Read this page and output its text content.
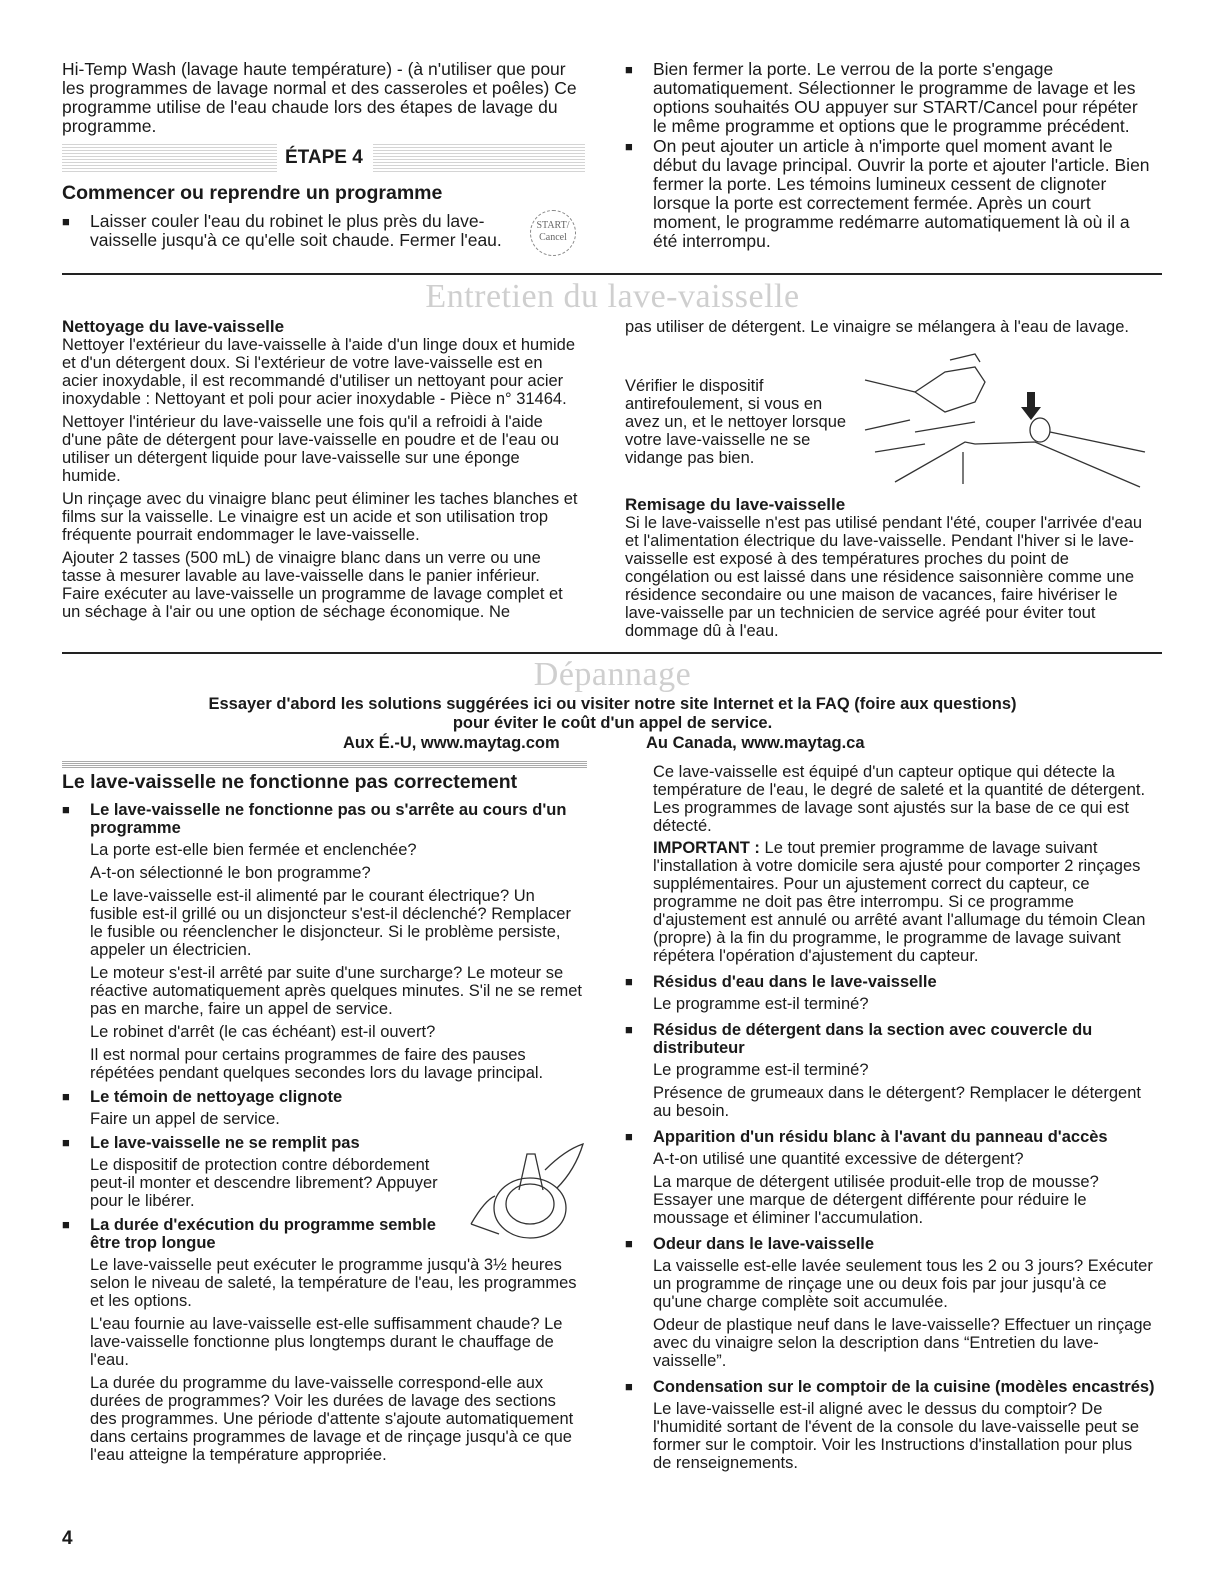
Hi-Temp Wash (lavage haute température) - (à n'utiliser que pour les programmes de lavage normal et des casseroles et poêles) Ce programme utilise de l'eau chaude lors des étapes de lavage du programme.

ÉTAPE 4
Commencer ou reprendre un programme

■ Laisser couler l'eau du robinet le plus près du lave-vaisselle jusqu'à ce qu'elle soit chaude. Fermer l'eau.

START/
Cancel

■ Bien fermer la porte. Le verrou de la porte s'engage automatiquement. Sélectionner le programme de lavage et les options souhaités OU appuyer sur START/Cancel pour répéter le même programme et options que le programme précédent.

■ On peut ajouter un article à n'importe quel moment avant le début du lavage principal. Ouvrir la porte et ajouter l'article. Bien fermer la porte. Les témoins lumineux cessent de clignoter lorsque la porte est correctement fermée. Après un court moment, le programme redémarre automatiquement là où il a été interrompu.

Entretien du lave-vaisselle

Nettoyage du lave-vaisselle

Nettoyer l'extérieur du lave-vaisselle à l'aide d'un linge doux et humide et d'un détergent doux. Si l'extérieur de votre lave-vaisselle est en acier inoxydable, il est recommandé d'utiliser un nettoyant pour acier inoxydable : Nettoyant et poli pour acier inoxydable - Pièce n° 31464.

Nettoyer l'intérieur du lave-vaisselle une fois qu'il a refroidi à l'aide d'une pâte de détergent pour lave-vaisselle en poudre et de l'eau ou utiliser un détergent liquide pour lave-vaisselle sur une éponge humide.

Un rinçage avec du vinaigre blanc peut éliminer les taches blanches et films sur la vaisselle. Le vinaigre est un acide et son utilisation trop fréquente pourrait endommager le lave-vaisselle.

Ajouter 2 tasses (500 mL) de vinaigre blanc dans un verre ou une tasse à mesurer lavable au lave-vaisselle dans le panier inférieur. Faire exécuter au lave-vaisselle un programme de lavage complet et un séchage à l'air ou une option de séchage économique. Ne

pas utiliser de détergent. Le vinaigre se mélangera à l'eau de lavage.

Vérifier le dispositif antirefoulement, si vous en avez un, et le nettoyer lorsque votre lave-vaisselle ne se vidange pas bien.

Remisage du lave-vaisselle

Si le lave-vaisselle n'est pas utilisé pendant l'été, couper l'arrivée d'eau et l'alimentation électrique du lave-vaisselle. Pendant l'hiver si le lave-vaisselle est exposé à des températures proches du point de congélation ou est laissé dans une résidence saisonnière comme une résidence secondaire ou une maison de vacances, faire hivériser le lave-vaisselle par un technicien de service agréé pour éviter tout dommage dû à l'eau.

Dépannage
Essayer d'abord les solutions suggérées ici ou visiter notre site Internet et la FAQ (foire aux questions)
pour éviter le coût d'un appel de service.
Aux É.-U, www.maytag.com	Au Canada, www.maytag.ca
Le lave-vaisselle ne fonctionne pas correctement

■ Le lave-vaisselle ne fonctionne pas ou s'arrête au cours d'un programme

La porte est-elle bien fermée et enclenchée?

A-t-on sélectionné le bon programme?

Le lave-vaisselle est-il alimenté par le courant électrique? Un fusible est-il grillé ou un disjoncteur s'est-il déclenché? Remplacer le fusible ou réenclencher le disjoncteur. Si le problème persiste, appeler un électricien.

Le moteur s'est-il arrêté par suite d'une surcharge? Le moteur se réactive automatiquement après quelques minutes. S'il ne se remet pas en marche, faire un appel de service.

Le robinet d'arrêt (le cas échéant) est-il ouvert?

Il est normal pour certains programmes de faire des pauses répétées pendant quelques secondes lors du lavage principal.

■ Le témoin de nettoyage clignote

Faire un appel de service.

■ Le lave-vaisselle ne se remplit pas

Le dispositif de protection contre débordement peut-il monter et descendre librement? Appuyer pour le libérer.

■ La durée d'exécution du programme semble être trop longue

Le lave-vaisselle peut exécuter le programme jusqu'à 3½ heures selon le niveau de saleté, la température de l'eau, les programmes et les options.

L'eau fournie au lave-vaisselle est-elle suffisamment chaude? Le lave-vaisselle fonctionne plus longtemps durant le chauffage de l'eau.

La durée du programme du lave-vaisselle correspond-elle aux durées de programmes? Voir les durées de lavage des sections des programmes. Une période d'attente s'ajoute automatiquement dans certains programmes de lavage et de rinçage jusqu'à ce que l'eau atteigne la température appropriée.

Ce lave-vaisselle est équipé d'un capteur optique qui détecte la température de l'eau, le degré de saleté et la quantité de détergent. Les programmes de lavage sont ajustés sur la base de ce qui est détecté.

IMPORTANT : Le tout premier programme de lavage suivant l'installation à votre domicile sera ajusté pour comporter 2 rinçages supplémentaires. Pour un ajustement correct du capteur, ce programme ne doit pas être interrompu. Si ce programme d'ajustement est annulé ou arrêté avant l'allumage du témoin Clean (propre) à la fin du programme, le programme de lavage suivant répétera l'opération d'ajustement du capteur.

■ Résidus d'eau dans le lave-vaisselle

Le programme est-il terminé?

■ Résidus de détergent dans la section avec couvercle du distributeur

Le programme est-il terminé?

Présence de grumeaux dans le détergent? Remplacer le détergent au besoin.

■ Apparition d'un résidu blanc à l'avant du panneau d'accès

A-t-on utilisé une quantité excessive de détergent?

La marque de détergent utilisée produit-elle trop de mousse? Essayer une marque de détergent différente pour réduire le moussage et éliminer l'accumulation.

■ Odeur dans le lave-vaisselle

La vaisselle est-elle lavée seulement tous les 2 ou 3 jours? Exécuter un programme de rinçage une ou deux fois par jour jusqu'à ce qu'une charge complète soit accumulée.

Odeur de plastique neuf dans le lave-vaisselle? Effectuer un rinçage avec du vinaigre selon la description dans “Entretien du lave-vaisselle”.

■ Condensation sur le comptoir de la cuisine (modèles encastrés)

Le lave-vaisselle est-il aligné avec le dessus du comptoir? De l'humidité sortant de l'évent de la console du lave-vaisselle peut se former sur le comptoir. Voir les Instructions d'installation pour plus de renseignements.

4
